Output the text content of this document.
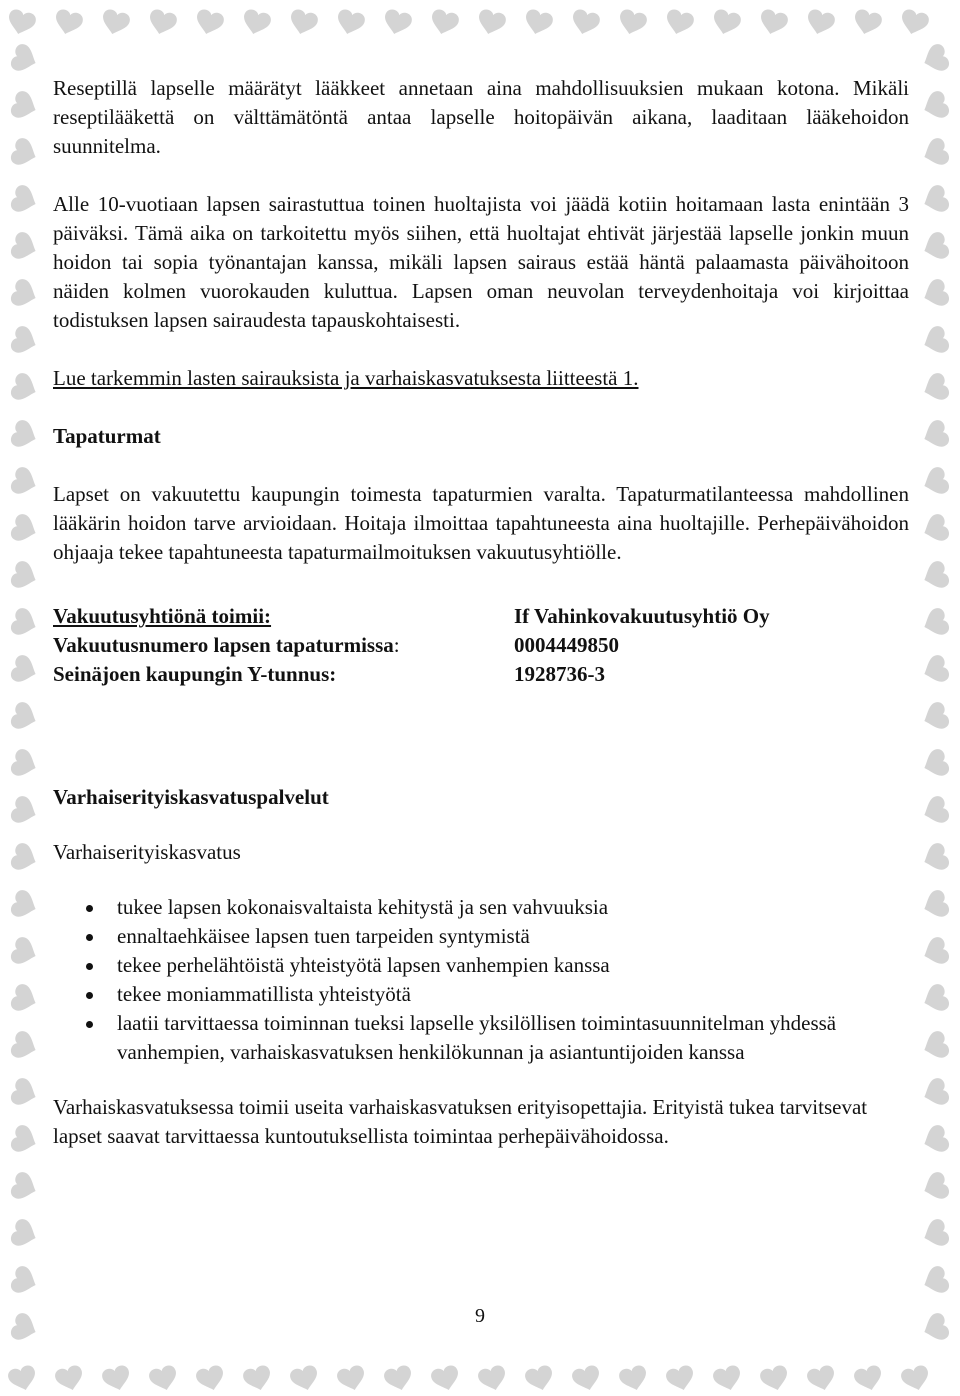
Reseptillä lapselle määrätyt lääkkeet annetaan aina mahdollisuuksien mukaan kotona. Mikäli reseptilääkettä on välttämätöntä antaa lapselle hoitopäivän aikana, laaditaan lääkehoidon suunnitelma.

Alle 10-vuotiaan lapsen sairastuttua toinen huoltajista voi jäädä kotiin hoitamaan lasta enintään 3 päiväksi. Tämä aika on tarkoitettu myös siihen, että huoltajat ehtivät järjestää lapselle jonkin muun hoidon tai sopia työnantajan kanssa, mikäli lapsen sairaus estää häntä palaamasta päivähoitoon näiden kolmen vuorokauden kuluttua. Lapsen oman neuvolan terveydenhoitaja voi kirjoittaa todistuksen lapsen sairaudesta tapauskohtaisesti.

Lue tarkemmin lasten sairauksista ja varhaiskasvatuksesta liitteestä 1.

Tapaturmat

Lapset on vakuutettu kaupungin toimesta tapaturmien varalta. Tapaturmatilanteessa mahdollinen lääkärin hoidon tarve arvioidaan. Hoitaja ilmoittaa tapahtuneesta aina huoltajille. Perhepäivähoidon ohjaaja tekee tapahtuneesta tapaturmailmoituksen vakuutusyhtiölle.

Vakuutusyhtiönä toimii:	If Vahinkovakuutusyhtiö Oy
Vakuutusnumero lapsen tapaturmissa:	0004449850
Seinäjoen kaupungin Y-tunnus:	1928736-3

Varhaiserityiskasvatuspalvelut

Varhaiserityiskasvatus

tukee lapsen kokonaisvaltaista kehitystä ja sen vahvuuksia
ennaltaehkäisee lapsen tuen tarpeiden syntymistä
tekee perhelähtöistä yhteistyötä lapsen vanhempien kanssa
tekee moniammatillista yhteistyötä
laatii tarvittaessa toiminnan tueksi lapselle yksilöllisen toimintasuunnitelman yhdessä vanhempien, varhaiskasvatuksen henkilökunnan ja asiantuntijoiden kanssa

Varhaiskasvatuksessa toimii useita varhaiskasvatuksen erityisopettajia. Erityistä tukea tarvitsevat lapset saavat tarvittaessa kuntoutuksellista toimintaa perhepäivähoidossa.

9
